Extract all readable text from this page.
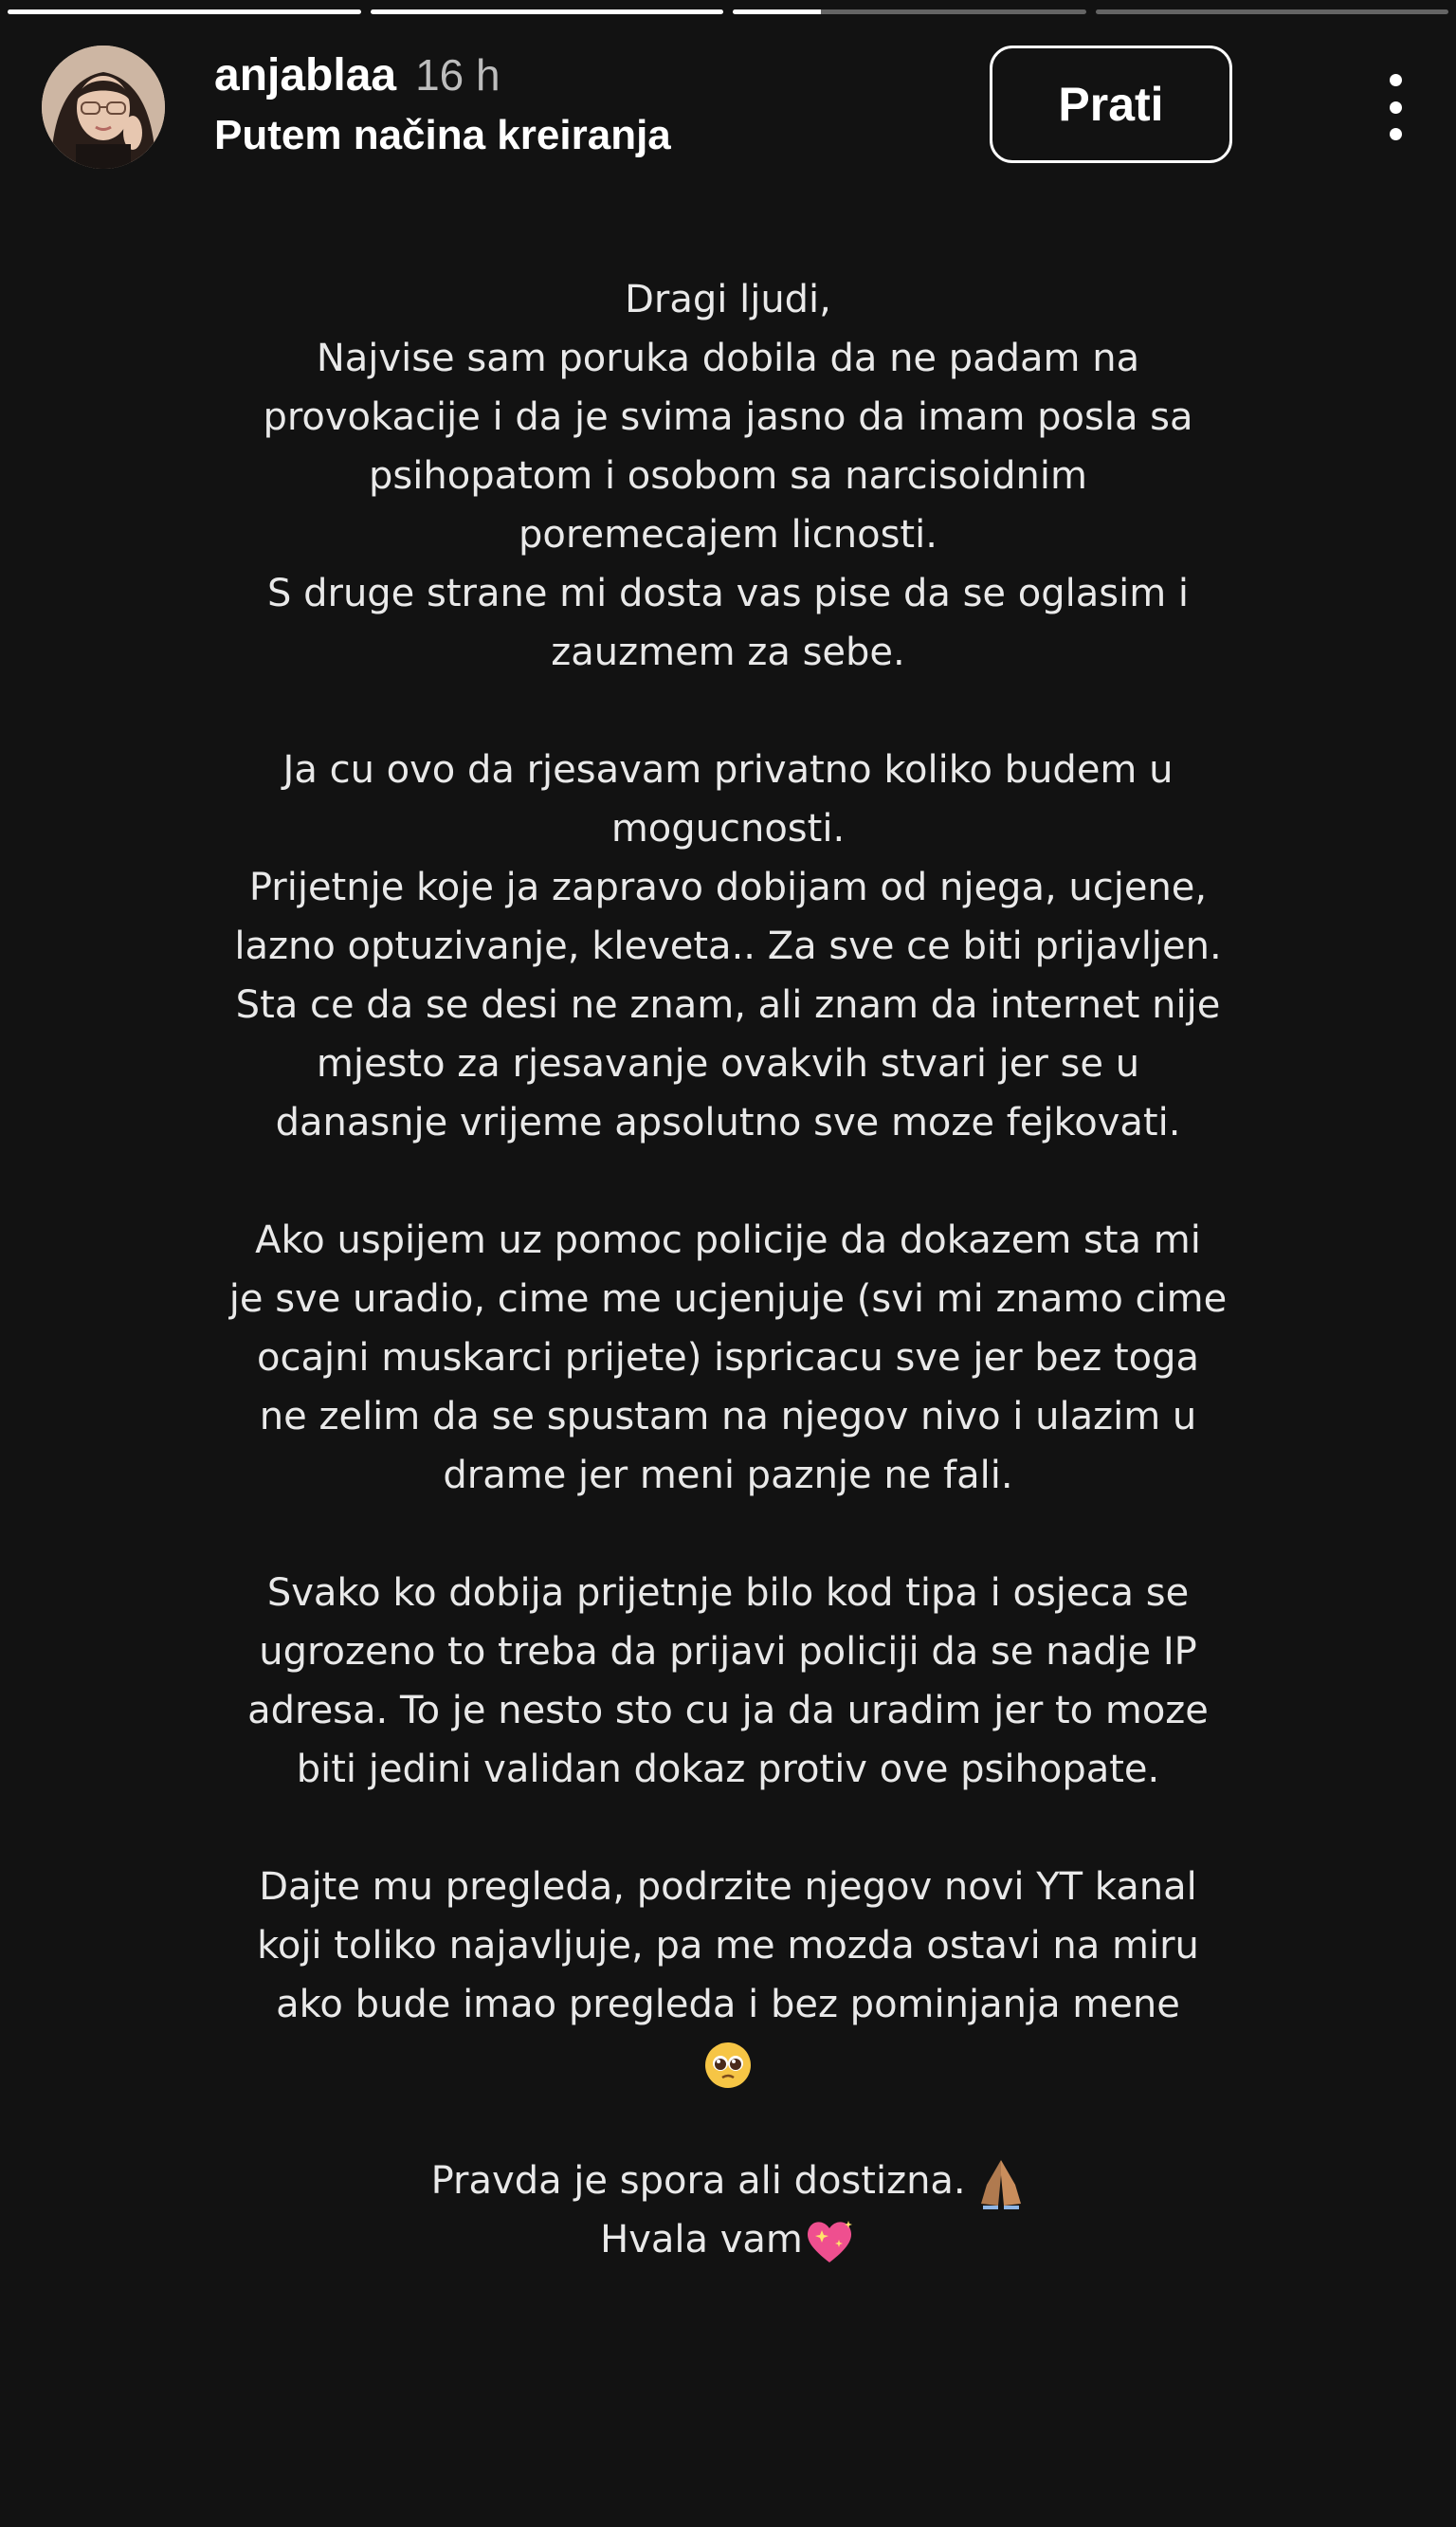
anjablaa 16 h
Putem načina kreiranja
Prati
Dragi ljudi,
Najvise sam poruka dobila da ne padam na
provokacije i da je svima jasno da imam posla sa
psihopatom i osobom sa narcisoidnim
poremecajem licnosti.
S druge strane mi dosta vas pise da se oglasim i
zauzmem za sebe.
Ja cu ovo da rjesavam privatno koliko budem u
mogucnosti.
Prijetnje koje ja zapravo dobijam od njega, ucjene,
lazno optuzivanje, kleveta.. Za sve ce biti prijavljen.
Sta ce da se desi ne znam, ali znam da internet nije
mjesto za rjesavanje ovakvih stvari jer se u
danasnje vrijeme apsolutno sve moze fejkovati.
Ako uspijem uz pomoc policije da dokazem sta mi
je sve uradio, cime me ucjenjuje (svi mi znamo cime
ocajni muskarci prijete) ispricacu sve jer bez toga
ne zelim da se spustam na njegov nivo i ulazim u
drame jer meni paznje ne fali.
Svako ko dobija prijetnje bilo kod tipa i osjeca se
ugrozeno to treba da prijavi policiji da se nadje IP
adresa. To je nesto sto cu ja da uradim jer to moze
biti jedini validan dokaz protiv ove psihopate.
Dajte mu pregleda, podrzite njegov novi YT kanal
koji toliko najavljuje, pa me mozda ostavi na miru
ako bude imao pregleda i bez pominjanja mene
Pravda je spora ali dostizna.
Hvala vam
